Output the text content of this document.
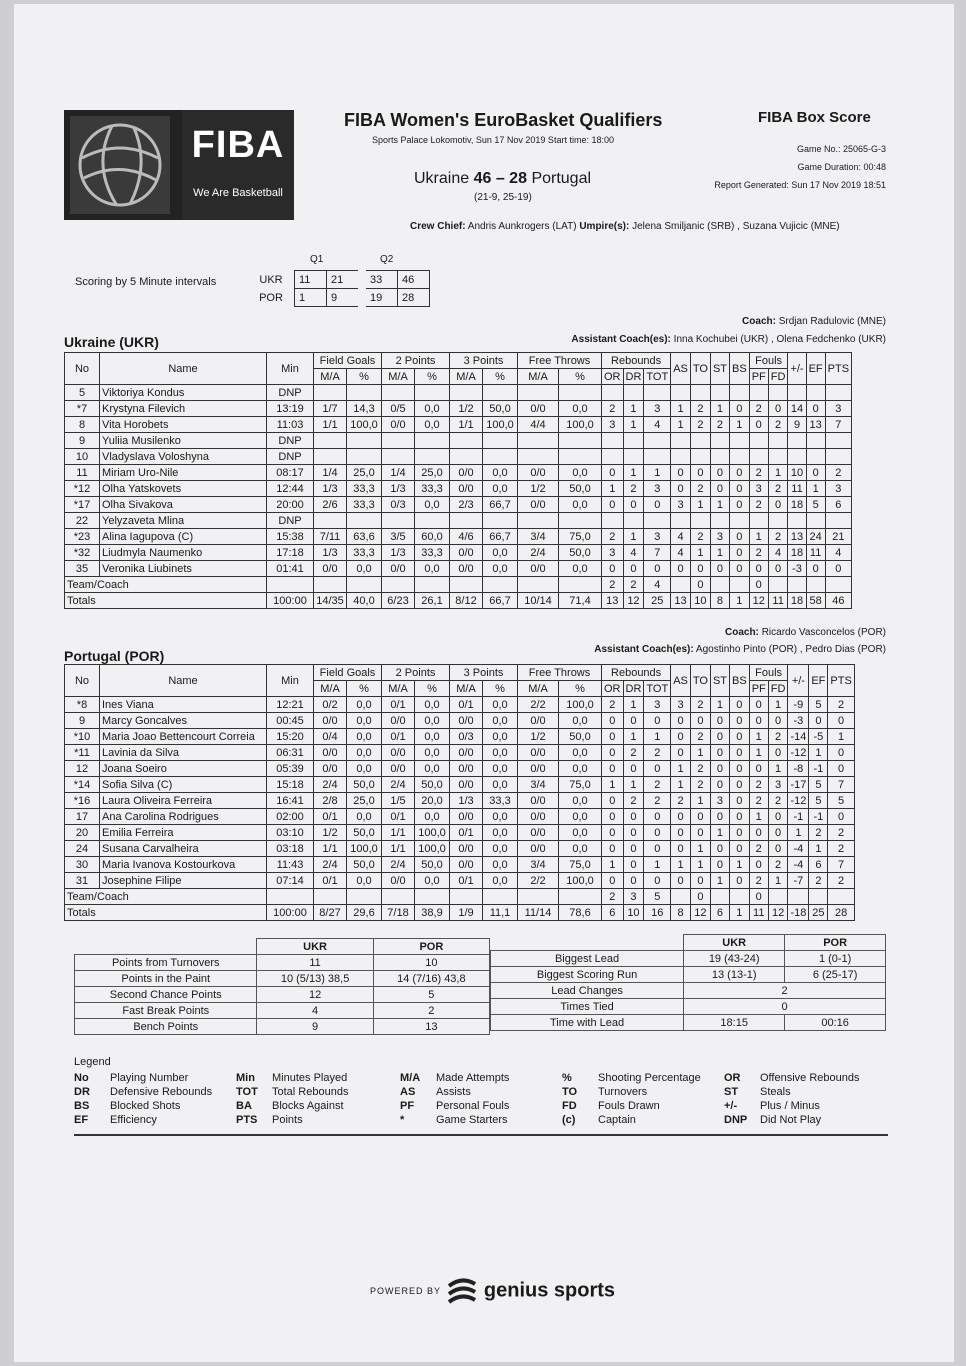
FIBA
We Are Basketball
FIBA Women's EuroBasket Qualifiers
Sports Palace Lokomotiv, Sun 17 Nov 2019 Start time: 18:00
Ukraine 46 – 28 Portugal
(21-9, 25-19)
FIBA Box Score
Game No.: 25065-G-3
Game Duration: 00:48
Report Generated: Sun 17 Nov 2019 18:51
Crew Chief: Andris Aunkrogers (LAT) Umpire(s): Jelena Smiljanic (SRB) , Suzana Vujicic (MNE)
Scoring by 5 Minute intervals
Q1	Q2
UKR	11	21	33	46
POR	1	9	19	28
Coach: Srdjan Radulovic (MNE)
Ukraine (UKR)	Assistant Coach(es): Inna Kochubei (UKR) , Olena Fedchenko (UKR)
No	Name	Min	Field Goals		2 Points		3 Points		Free Throws		Rebounds			AS	TO	ST	BS	Fouls		+/-	EF	PTS
			M/A	%	M/A	%	M/A	%	M/A	%	OR	DR	TOT					PF	FD			
5	Viktoriya Kondus	DNP																				
*7	Krystyna Filevich	13:19	1/7	14,3	0/5	0,0	1/2	50,0	0/0	0,0	2	1	3	1	2	1	0	2	0	14	0	3
8	Vita Horobets	11:03	1/1	100,0	0/0	0,0	1/1	100,0	4/4	100,0	3	1	4	1	2	2	1	0	2	9	13	7
9	Yuliia Musilenko	DNP																				
10	Vladyslava Voloshyna	DNP																				
11	Miriam Uro-Nile	08:17	1/4	25,0	1/4	25,0	0/0	0,0	0/0	0,0	0	1	1	0	0	0	0	2	1	10	0	2
*12	Olha Yatskovets	12:44	1/3	33,3	1/3	33,3	0/0	0,0	1/2	50,0	1	2	3	0	2	0	0	3	2	11	1	3
*17	Olha Sivakova	20:00	2/6	33,3	0/3	0,0	2/3	66,7	0/0	0,0	0	0	0	3	1	1	0	2	0	18	5	6
22	Yelyzaveta Mlina	DNP																				
*23	Alina Iagupova (C)	15:38	7/11	63,6	3/5	60,0	4/6	66,7	3/4	75,0	2	1	3	4	2	3	0	1	2	13	24	21
*32	Liudmyla Naumenko	17:18	1/3	33,3	1/3	33,3	0/0	0,0	2/4	50,0	3	4	7	4	1	1	0	2	4	18	11	4
35	Veronika Liubinets	01:41	0/0	0,0	0/0	0,0	0/0	0,0	0/0	0,0	0	0	0	0	0	0	0	0	0	-3	0	0
Team/Coach											2	2	4		0			0				
Totals		100:00	14/35	40,0	6/23	26,1	8/12	66,7	10/14	71,4	13	12	25	13	10	8	1	12	11	18	58	46
Coach: Ricardo Vasconcelos (POR)
Portugal (POR)	Assistant Coach(es): Agostinho Pinto (POR) , Pedro Dias (POR)
No	Name	Min	Field Goals		2 Points		3 Points		Free Throws		Rebounds			AS	TO	ST	BS	Fouls		+/-	EF	PTS
			M/A	%	M/A	%	M/A	%	M/A	%	OR	DR	TOT					PF	FD			
*8	Ines Viana	12:21	0/2	0,0	0/1	0,0	0/1	0,0	2/2	100,0	2	1	3	3	2	1	0	0	1	-9	5	2
9	Marcy Goncalves	00:45	0/0	0,0	0/0	0,0	0/0	0,0	0/0	0,0	0	0	0	0	0	0	0	0	0	-3	0	0
*10	Maria Joao Bettencourt Correia	15:20	0/4	0,0	0/1	0,0	0/3	0,0	1/2	50,0	0	1	1	0	2	0	0	1	2	-14	-5	1
*11	Lavinia da Silva	06:31	0/0	0,0	0/0	0,0	0/0	0,0	0/0	0,0	0	2	2	0	1	0	0	1	0	-12	1	0
12	Joana Soeiro	05:39	0/0	0,0	0/0	0,0	0/0	0,0	0/0	0,0	0	0	0	1	2	0	0	0	1	-8	-1	0
*14	Sofia Silva (C)	15:18	2/4	50,0	2/4	50,0	0/0	0,0	3/4	75,0	1	1	2	1	2	0	0	2	3	-17	5	7
*16	Laura Oliveira Ferreira	16:41	2/8	25,0	1/5	20,0	1/3	33,3	0/0	0,0	0	2	2	2	1	3	0	2	2	-12	5	5
17	Ana Carolina Rodrigues	02:00	0/1	0,0	0/1	0,0	0/0	0,0	0/0	0,0	0	0	0	0	0	0	0	1	0	-1	-1	0
20	Emilia Ferreira	03:10	1/2	50,0	1/1	100,0	0/1	0,0	0/0	0,0	0	0	0	0	0	1	0	0	0	1	2	2
24	Susana Carvalheira	03:18	1/1	100,0	1/1	100,0	0/0	0,0	0/0	0,0	0	0	0	0	1	0	0	2	0	-4	1	2
30	Maria Ivanova Kostourkova	11:43	2/4	50,0	2/4	50,0	0/0	0,0	3/4	75,0	1	0	1	1	1	0	1	0	2	-4	6	7
31	Josephine Filipe	07:14	0/1	0,0	0/0	0,0	0/1	0,0	2/2	100,0	0	0	0	0	0	1	0	2	1	-7	2	2
Team/Coach											2	3	5		0			0				
Totals		100:00	8/27	29,6	7/18	38,9	1/9	11,1	11/14	78,6	6	10	16	8	12	6	1	11	12	-18	25	28
	UKR	POR
Points from Turnovers	11	10
Points in the Paint	10 (5/13) 38,5	14 (7/16) 43,8
Second Chance Points	12	5
Fast Break Points	4	2
Bench Points	9	13
	UKR	POR
Biggest Lead	19 (43-24)	1 (0-1)
Biggest Scoring Run	13 (13-1)	6 (25-17)
Lead Changes	2	
Times Tied	0	
Time with Lead	18:15	00:16
Legend
No Playing Number
DR Defensive Rebounds
BS Blocked Shots
EF Efficiency
Min Minutes Played
TOT Total Rebounds
BA Blocks Against
PTS Points
M/A Made Attempts
AS Assists
PF Personal Fouls
*	Game Starters
% Shooting Percentage
TO Turnovers
FD Fouls Drawn
(c) Captain
OR Offensive Rebounds
ST Steals
+/- Plus / Minus
DNP Did Not Play
POWERED BY genius sports
